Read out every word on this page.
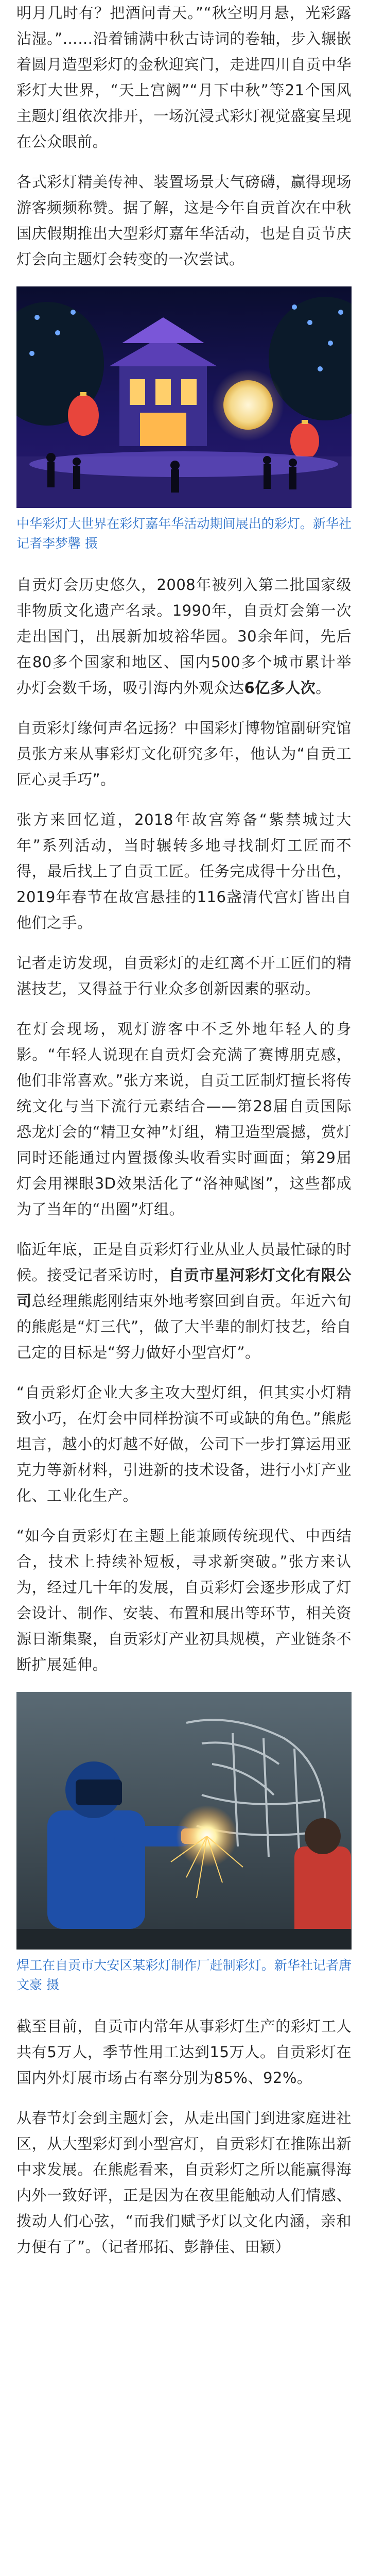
明月几时有？把酒问青天。”“秋空明月悬，光彩露沾湿。”……沿着铺满中秋古诗词的卷轴，步入辗嵌着圆月造型彩灯的金秋迎宾门，走进四川自贡中华彩灯大世界，“天上宫阙”“月下中秋”等21个国风主题灯组依次排开，一场沉浸式彩灯视觉盛宴呈现在公众眼前。

各式彩灯精美传神、装置场景大气磅礴，赢得现场游客频频称赞。据了解，这是今年自贡首次在中秋国庆假期推出大型彩灯嘉年华活动，也是自贡节庆灯会向主题灯会转变的一次尝试。

中华彩灯大世界在彩灯嘉年华活动期间展出的彩灯。新华社记者李梦馨 摄

自贡灯会历史悠久，2008年被列入第二批国家级非物质文化遗产名录。1990年，自贡灯会第一次走出国门，出展新加坡裕华园。30余年间，先后在80多个国家和地区、国内500多个城市累计举办灯会数千场，吸引海内外观众达6亿多人次。

自贡彩灯缘何声名远扬？中国彩灯博物馆副研究馆员张方来从事彩灯文化研究多年，他认为“自贡工匠心灵手巧”。

张方来回忆道，2018年故宫筹备“紫禁城过大年”系列活动，当时辗转多地寻找制灯工匠而不得，最后找上了自贡工匠。任务完成得十分出色，2019年春节在故宫悬挂的116盏清代宫灯皆出自他们之手。

记者走访发现，自贡彩灯的走红离不开工匠们的精湛技艺，又得益于行业众多创新因素的驱动。

在灯会现场，观灯游客中不乏外地年轻人的身影。“年轻人说现在自贡灯会充满了赛博朋克感，他们非常喜欢。”张方来说，自贡工匠制灯擅长将传统文化与当下流行元素结合——第28届自贡国际恐龙灯会的“精卫女神”灯组，精卫造型震撼，赏灯同时还能通过内置摄像头收看实时画面；第29届灯会用裸眼3D效果活化了“洛神赋图”，这些都成为了当年的“出圈”灯组。

临近年底，正是自贡彩灯行业从业人员最忙碌的时候。接受记者采访时，自贡市星河彩灯文化有限公司总经理熊彪刚结束外地考察回到自贡。年近六旬的熊彪是“灯三代”，做了大半辈的制灯技艺，给自己定的目标是“努力做好小型宫灯”。

“自贡彩灯企业大多主攻大型灯组，但其实小灯精致小巧，在灯会中同样扮演不可或缺的角色。”熊彪坦言，越小的灯越不好做，公司下一步打算运用亚克力等新材料，引进新的技术设备，进行小灯产业化、工业化生产。

“如今自贡彩灯在主题上能兼顾传统现代、中西结合，技术上持续补短板，寻求新突破。”张方来认为，经过几十年的发展，自贡彩灯会逐步形成了灯会设计、制作、安装、布置和展出等环节，相关资源日渐集聚，自贡彩灯产业初具规模，产业链条不断扩展延伸。

焊工在自贡市大安区某彩灯制作厂赶制彩灯。新华社记者唐文豪 摄

截至目前，自贡市内常年从事彩灯生产的彩灯工人共有5万人，季节性用工达到15万人。自贡彩灯在国内外灯展市场占有率分别为85%、92%。

从春节灯会到主题灯会，从走出国门到进家庭进社区，从大型彩灯到小型宫灯，自贡彩灯在推陈出新中求发展。在熊彪看来，自贡彩灯之所以能赢得海内外一致好评，正是因为在夜里能触动人们情感、拨动人们心弦，“而我们赋予灯以文化内涵，亲和力便有了”。（记者邢拓、彭静佳、田颖）
